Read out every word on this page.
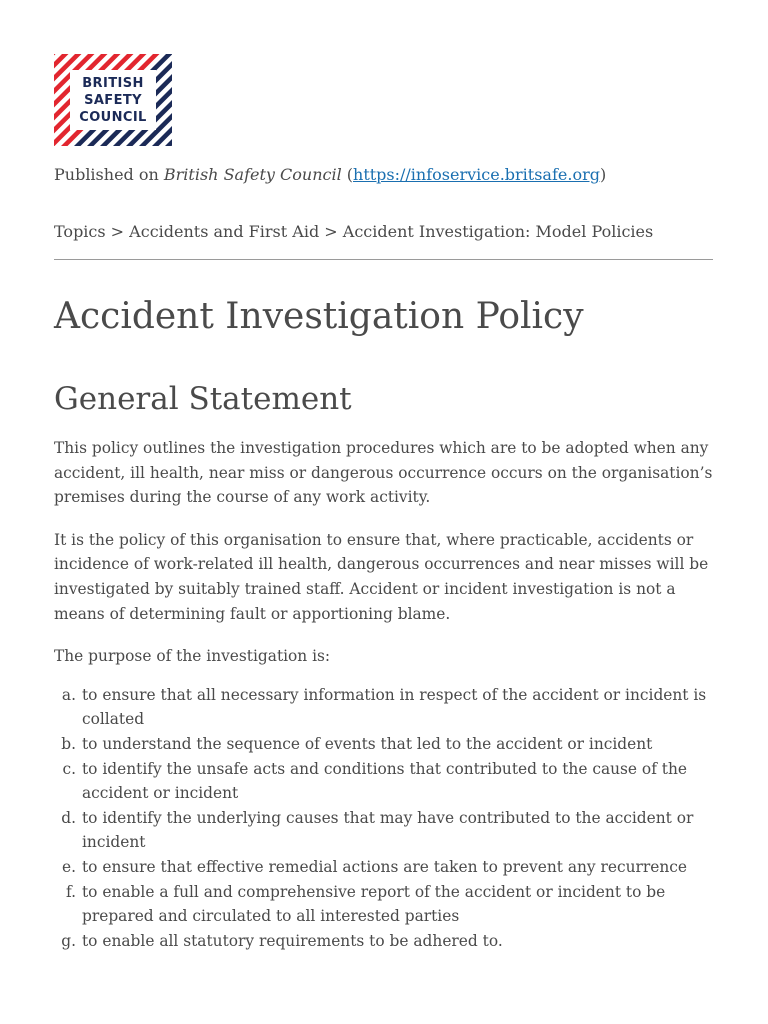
BRITISH
SAFETY
COUNCIL

Published on British Safety Council (https://infoservice.britsafe.org)

Topics > Accidents and First Aid > Accident Investigation: Model Policies

Accident Investigation Policy
General Statement

This policy outlines the investigation procedures which are to be adopted when any accident, ill health, near miss or dangerous occurrence occurs on the organisation’s premises during the course of any work activity.

It is the policy of this organisation to ensure that, where practicable, accidents or incidence of work-related ill health, dangerous occurrences and near misses will be investigated by suitably trained staff. Accident or incident investigation is not a means of determining fault or apportioning blame.

The purpose of the investigation is:

a. to ensure that all necessary information in respect of the accident or incident is collated
b. to understand the sequence of events that led to the accident or incident
c. to identify the unsafe acts and conditions that contributed to the cause of the accident or incident
d. to identify the underlying causes that may have contributed to the accident or incident
e. to ensure that effective remedial actions are taken to prevent any recurrence
f. to enable a full and comprehensive report of the accident or incident to be prepared and circulated to all interested parties
g. to enable all statutory requirements to be adhered to.
